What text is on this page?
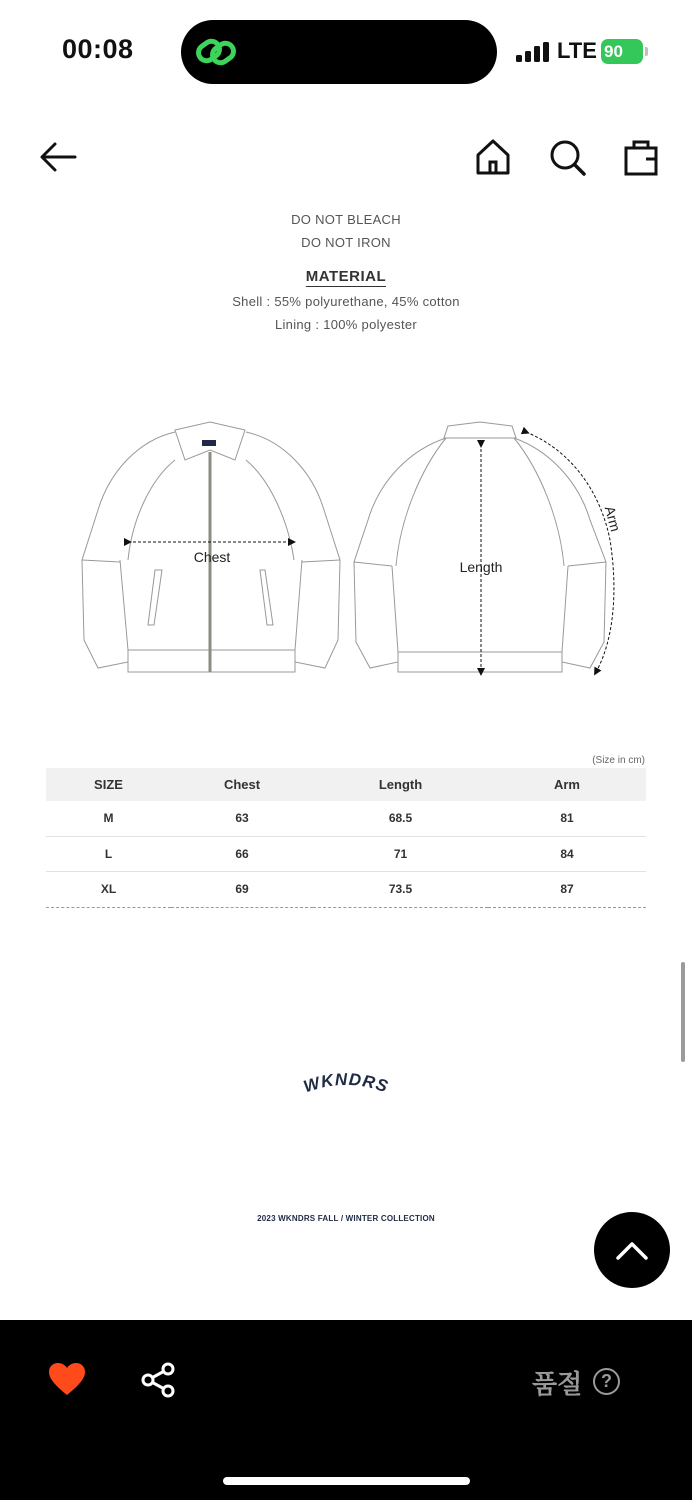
00:08	LTE 90
DO NOT BLEACH
DO NOT IRON
MATERIAL
Shell : 55% polyurethane, 45% cotton
Lining : 100% polyester
Chest
Length
Arm
(Size in cm)
SIZE	Chest	Length	Arm
M	63	68.5	81
L	66	71	84
XL	69	73.5	87
WKNDRS
2023 WKNDRS FALL / WINTER COLLECTION
품절	?
